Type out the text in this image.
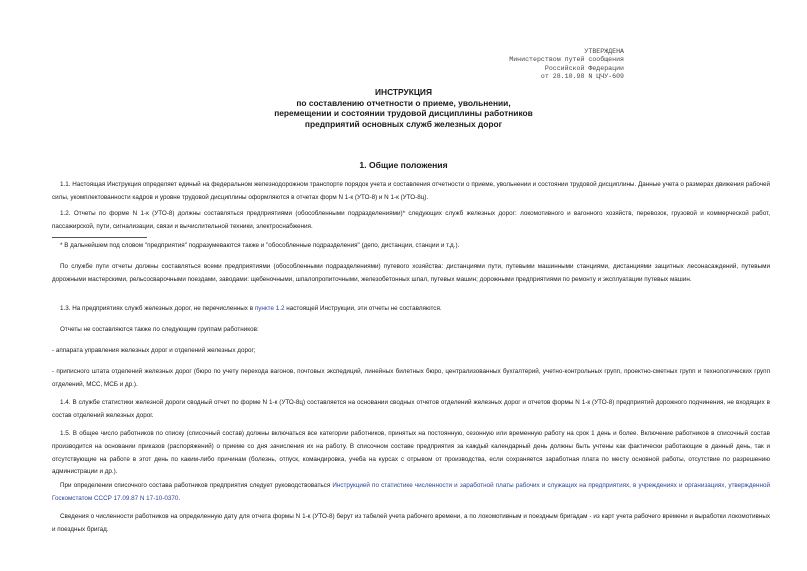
УТВЕРЖДЕНА
Министерством путей сообщения
Российской Федерации
от 28.10.98 N ЦЧУ-609
ИНСТРУКЦИЯ
по составлению отчетности о приеме, увольнении,
перемещении и состоянии трудовой дисциплины работников
предприятий основных служб железных дорог
1. Общие положения
1.1. Настоящая Инструкция определяет единый на федеральном железнодорожном транспорте порядок учета и составления отчетности о приеме, увольнении и состоянии трудовой дисциплины. Данные учета о размерах движения рабочей силы, укомплектованности кадров и уровне трудовой дисциплины оформляются в отчетах форм N 1-к (УТО-8) и N 1-к (УТО-8ц).
1.2. Отчеты по форме N 1-к (УТО-8) должны составляться предприятиями (обособленными подразделениями)* следующих служб железных дорог: локомотивного и вагонного хозяйств, перевозок, грузовой и коммерческой работ, пассажирской, пути, сигнализации, связи и вычислительной техники, электроснабжения.
* В дальнейшем под словом "предприятия" подразумеваются также и "обособленные подразделения" (депо, дистанции, станции и т.д.).
По службе пути отчеты должны составляться всеми предприятиями (обособленными подразделениями) путевого хозяйства: дистанциями пути, путевыми машинными станциями, дистанциями защитных лесонасаждений, путевыми дорожными мастерскими, рельсосварочными поездами, заводами: щебеночными, шпалопропиточными, железобетонных шпал, путевых машин; дорожными предприятиями по ремонту и эксплуатации путевых машин.
1.3. На предприятиях служб железных дорог, не перечисленных в пункте 1.2 настоящей Инструкции, эти отчеты не составляются.
Отчеты не составляются также по следующим группам работников:
- аппарата управления железных дорог и отделений железных дорог;
- приписного штата отделений железных дорог (бюро по учету перехода вагонов, почтовых экспедиций, линейных билетных бюро, централизованных бухгалтерий, учетно-контрольных групп, проектно-сметных групп и технологических групп отделений, МСС, МСБ и др.).
1.4. В службе статистики железной дороги сводный отчет по форме N 1-к (УТО-8ц) составляется на основании сводных отчетов отделений железных дорог и отчетов формы N 1-к (УТО-8) предприятий дорожного подчинения, не входящих в состав отделений железных дорог.
1.5. В общее число работников по списку (списочный состав) должны включаться все категории работников, принятых на постоянную, сезонную или временную работу на срок 1 день и более. Включение работников в списочный состав производится на основании приказов (распоряжений) о приеме со дня зачисления их на работу. В списочном составе предприятия за каждый календарный день должны быть учтены как фактически работающие в данный день, так и отсутствующие на работе в этот день по каким-либо причинам (болезнь, отпуск, командировка, учеба на курсах с отрывом от производства, если сохраняется заработная плата по месту основной работы, отсутствие по разрешению администрации и др.).
При определении списочного состава работников предприятия следует руководствоваться Инструкцией по статистике численности и заработной платы рабочих и служащих на предприятиях, в учреждениях и организациях, утвержденной Госкомстатом СССР 17.09.87 N 17-10-0370.
Сведения о численности работников на определенную дату для отчета формы N 1-к (УТО-8) берут из табелей учета рабочего времени, а по локомотивным и поездным бригадам - из карт учета рабочего времени и выработки локомотивных и поездных бригад.
